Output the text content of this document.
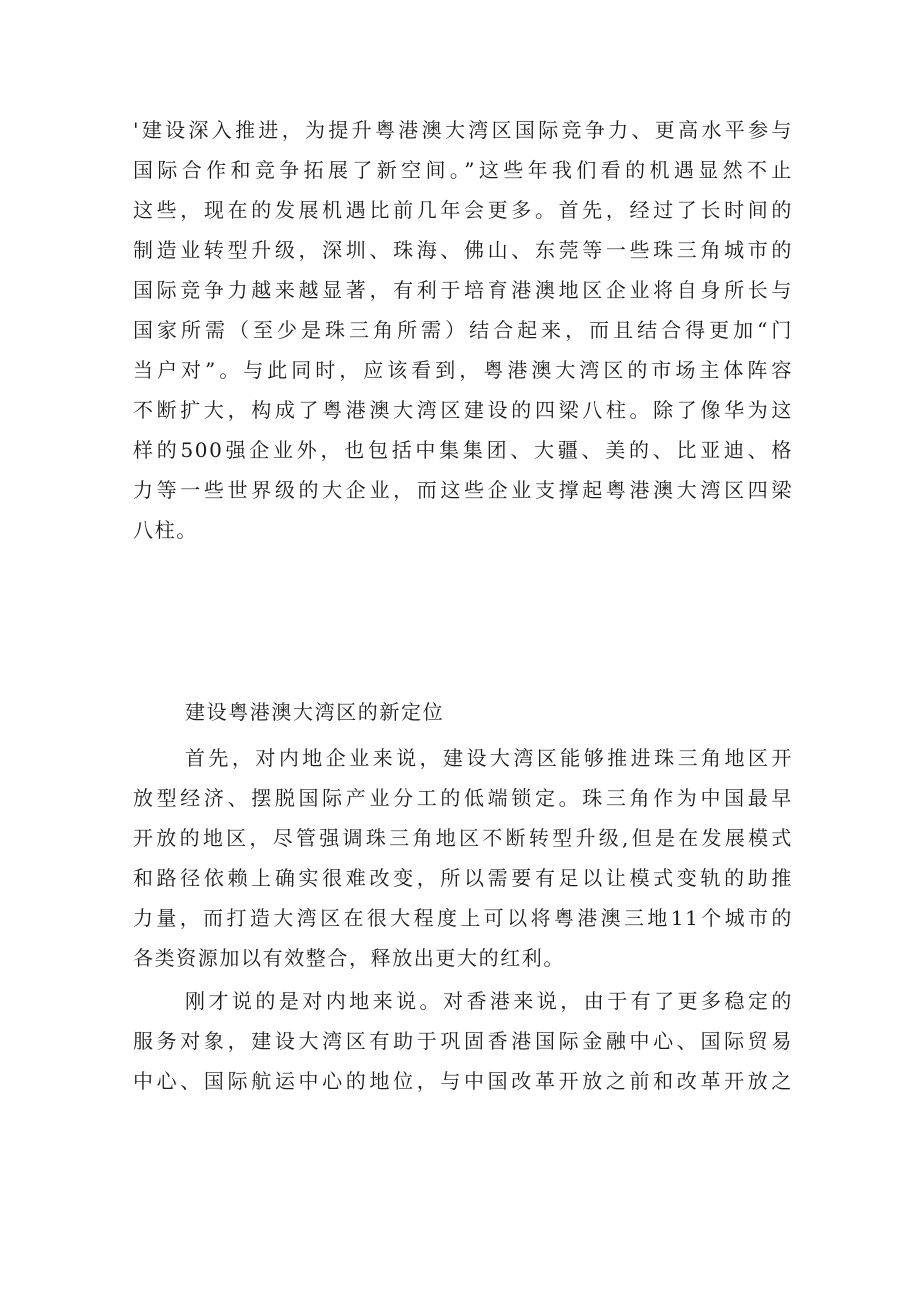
'建设深入推进，为提升粤港澳大湾区国际竞争力、更高水平参与
国际合作和竞争拓展了新空间。”这些年我们看的机遇显然不止
这些，现在的发展机遇比前几年会更多。首先，经过了长时间的
制造业转型升级，深圳、珠海、佛山、东莞等一些珠三角城市的
国际竞争力越来越显著，有利于培育港澳地区企业将自身所长与
国家所需（至少是珠三角所需）结合起来，而且结合得更加“门
当户对”。与此同时，应该看到，粤港澳大湾区的市场主体阵容
不断扩大，构成了粤港澳大湾区建设的四梁八柱。除了像华为这
样的500强企业外，也包括中集集团、大疆、美的、比亚迪、格
力等一些世界级的大企业，而这些企业支撑起粤港澳大湾区四梁
八柱。
建设粤港澳大湾区的新定位
首先，对内地企业来说，建设大湾区能够推进珠三角地区开
放型经济、摆脱国际产业分工的低端锁定。珠三角作为中国最早
开放的地区，尽管强调珠三角地区不断转型升级,但是在发展模式
和路径依赖上确实很难改变，所以需要有足以让模式变轨的助推
力量，而打造大湾区在很大程度上可以将粤港澳三地11个城市的
各类资源加以有效整合，释放出更大的红利。
刚才说的是对内地来说。对香港来说，由于有了更多稳定的
服务对象，建设大湾区有助于巩固香港国际金融中心、国际贸易
中心、国际航运中心的地位，与中国改革开放之前和改革开放之
